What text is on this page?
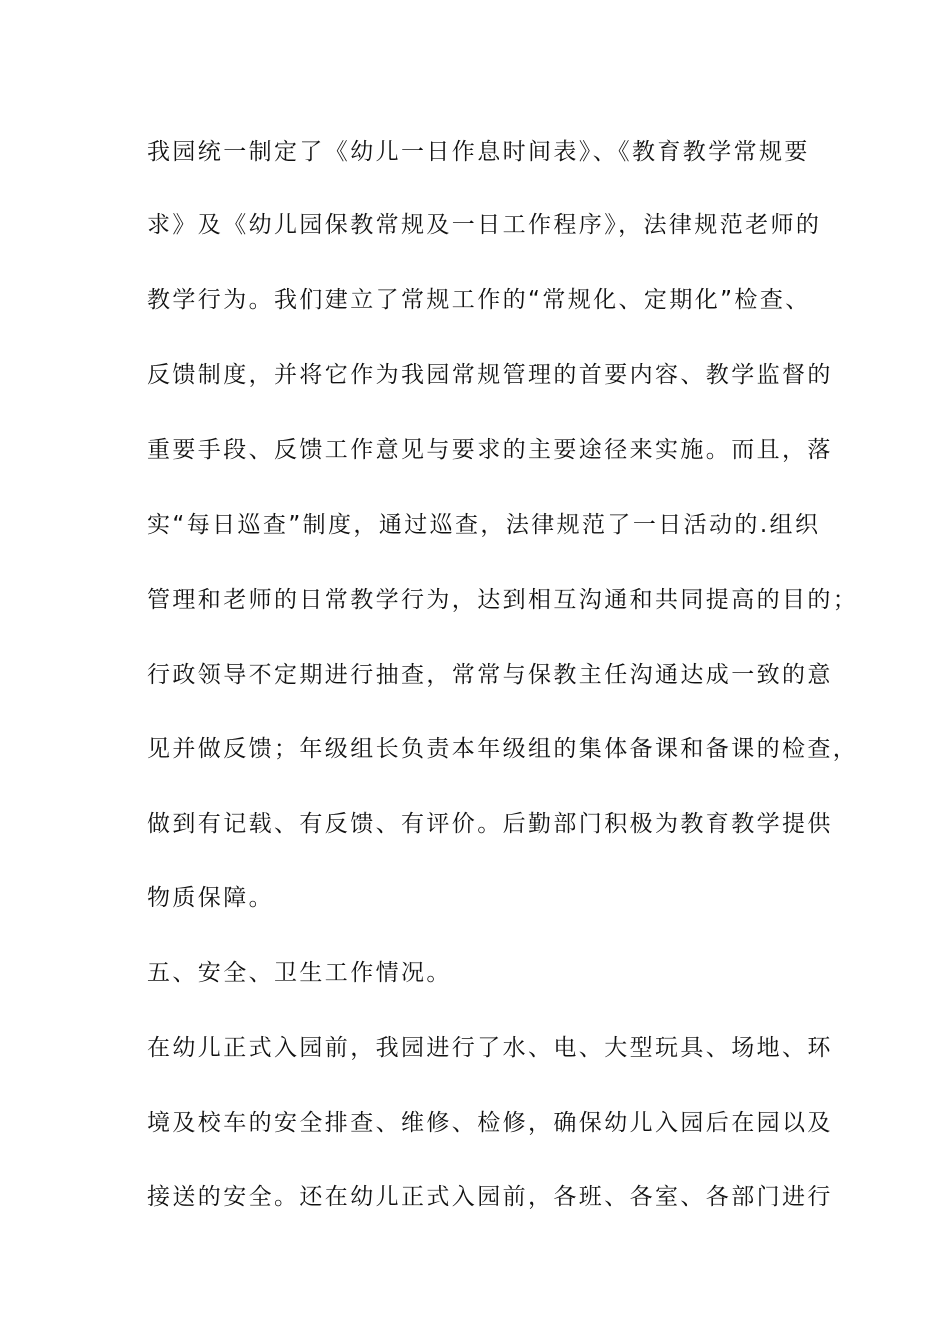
我园统一制定了《幼儿一日作息时间表》、《教育教学常规要
求》及《幼儿园保教常规及一日工作程序》，法律规范老师的
教学行为。我们建立了常规工作的“常规化、定期化”检查、
反馈制度，并将它作为我园常规管理的首要内容、教学监督的
重要手段、反馈工作意见与要求的主要途径来实施。而且，落
实“每日巡查”制度，通过巡查，法律规范了一日活动的.组织
管理和老师的日常教学行为，达到相互沟通和共同提高的目的；
行政领导不定期进行抽查，常常与保教主任沟通达成一致的意
见并做反馈；年级组长负责本年级组的集体备课和备课的检查，
做到有记载、有反馈、有评价。后勤部门积极为教育教学提供
物质保障。
五、安全、卫生工作情况。
在幼儿正式入园前，我园进行了水、电、大型玩具、场地、环
境及校车的安全排查、维修、检修，确保幼儿入园后在园以及
接送的安全。还在幼儿正式入园前，各班、各室、各部门进行
